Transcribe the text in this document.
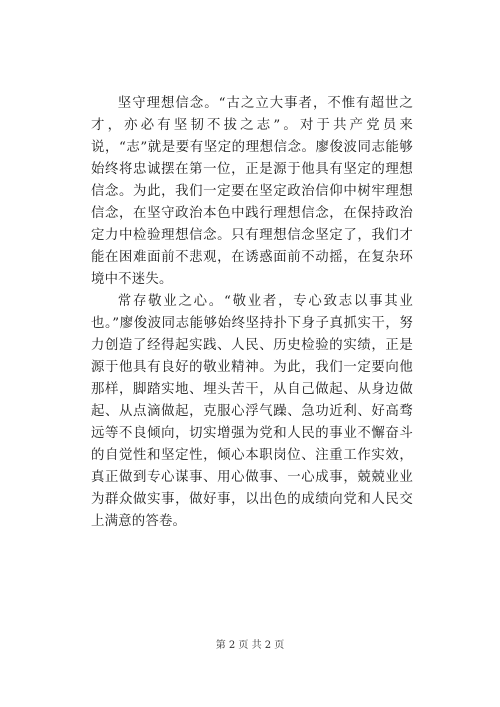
坚守理想信念。“古之立大事者，不惟有超世之才，亦必有坚韧不拔之志”。对于共产党员来说，“志”就是要有坚定的理想信念。廖俊波同志能够始终将忠诚摆在第一位，正是源于他具有坚定的理想信念。为此，我们一定要在坚定政治信仰中树牢理想信念，在坚守政治本色中践行理想信念，在保持政治定力中检验理想信念。只有理想信念坚定了，我们才能在困难面前不悲观，在诱惑面前不动摇，在复杂环境中不迷失。

常存敬业之心。“敬业者，专心致志以事其业也。”廖俊波同志能够始终坚持扑下身子真抓实干，努力创造了经得起实践、人民、历史检验的实绩，正是源于他具有良好的敬业精神。为此，我们一定要向他那样，脚踏实地、埋头苦干，从自己做起、从身边做起、从点滴做起，克服心浮气躁、急功近利、好高骛远等不良倾向，切实增强为党和人民的事业不懈奋斗的自觉性和坚定性，倾心本职岗位、注重工作实效，真正做到专心谋事、用心做事、一心成事，兢兢业业为群众做实事，做好事，以出色的成绩向党和人民交上满意的答卷。

第 2 页 共 2 页
